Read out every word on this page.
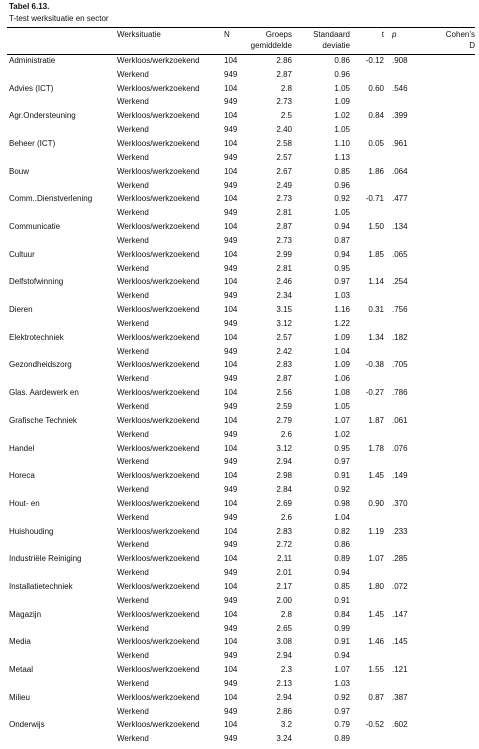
Tabel 6.13.
T-test werksituatie en sector
	Werksituatie	N	Groeps	Standaard	t	p	Cohen’s
			gemiddelde	deviatie			D
Administratie	Werkloos/werkzoekend	104	2.86	0.86	-0.12	.908	
	Werkend	949	2.87	0.96			
Advies (ICT)	Werkloos/werkzoekend	104	2.8	1.05	0.60	.546	
	Werkend	949	2.73	1.09			
Agr.Ondersteuning	Werkloos/werkzoekend	104	2.5	1.02	0.84	.399	
	Werkend	949	2.40	1.05			
Beheer (ICT)	Werkloos/werkzoekend	104	2.58	1.10	0.05	.961	
	Werkend	949	2.57	1.13			
Bouw	Werkloos/werkzoekend	104	2.67	0.85	1.86	.064	
	Werkend	949	2.49	0.96			
Comm..Dienstverlening	Werkloos/werkzoekend	104	2.73	0.92	-0.71	.477	
	Werkend	949	2.81	1.05			
Communicatie	Werkloos/werkzoekend	104	2.87	0.94	1.50	.134	
	Werkend	949	2.73	0.87			
Cultuur	Werkloos/werkzoekend	104	2.99	0.94	1.85	.065	
	Werkend	949	2.81	0.95			
Delfstofwinning	Werkloos/werkzoekend	104	2.46	0.97	1.14	.254	
	Werkend	949	2.34	1.03			
Dieren	Werkloos/werkzoekend	104	3.15	1.16	0.31	.756	
	Werkend	949	3.12	1.22			
Elektrotechniek	Werkloos/werkzoekend	104	2.57	1.09	1.34	.182	
	Werkend	949	2.42	1.04			
Gezondheidszorg	Werkloos/werkzoekend	104	2.83	1.09	-0.38	.705	
	Werkend	949	2.87	1.06			
Glas. Aardewerk en	Werkloos/werkzoekend	104	2.56	1.08	-0.27	.786	
	Werkend	949	2.59	1.05			
Grafische Techniek	Werkloos/werkzoekend	104	2.79	1.07	1.87	.061	
	Werkend	949	2.6	1.02			
Handel	Werkloos/werkzoekend	104	3.12	0.95	1.78	.076	
	Werkend	949	2.94	0.97			
Horeca	Werkloos/werkzoekend	104	2.98	0.91	1.45	.149	
	Werkend	949	2.84	0.92			
Hout- en	Werkloos/werkzoekend	104	2.69	0.98	0.90	.370	
	Werkend	949	2.6	1.04			
Huishouding	Werkloos/werkzoekend	104	2.83	0.82	1.19	.233	
	Werkend	949	2.72	0.86			
Industriële Reiniging	Werkloos/werkzoekend	104	2.11	0.89	1.07	.285	
	Werkend	949	2.01	0.94			
Installatietechniek	Werkloos/werkzoekend	104	2.17	0.85	1.80	.072	
	Werkend	949	2.00	0.91			
Magazijn	Werkloos/werkzoekend	104	2.8	0.84	1.45	.147	
	Werkend	949	2.65	0.99			
Media	Werkloos/werkzoekend	104	3.08	0.91	1.46	.145	
	Werkend	949	2.94	0.94			
Metaal	Werkloos/werkzoekend	104	2.3	1.07	1.55	.121	
	Werkend	949	2.13	1.03			
Milieu	Werkloos/werkzoekend	104	2.94	0.92	0.87	.387	
	Werkend	949	2.86	0.97			
Onderwijs	Werkloos/werkzoekend	104	3.2	0.79	-0.52	.602	
	Werkend	949	3.24	0.89			
